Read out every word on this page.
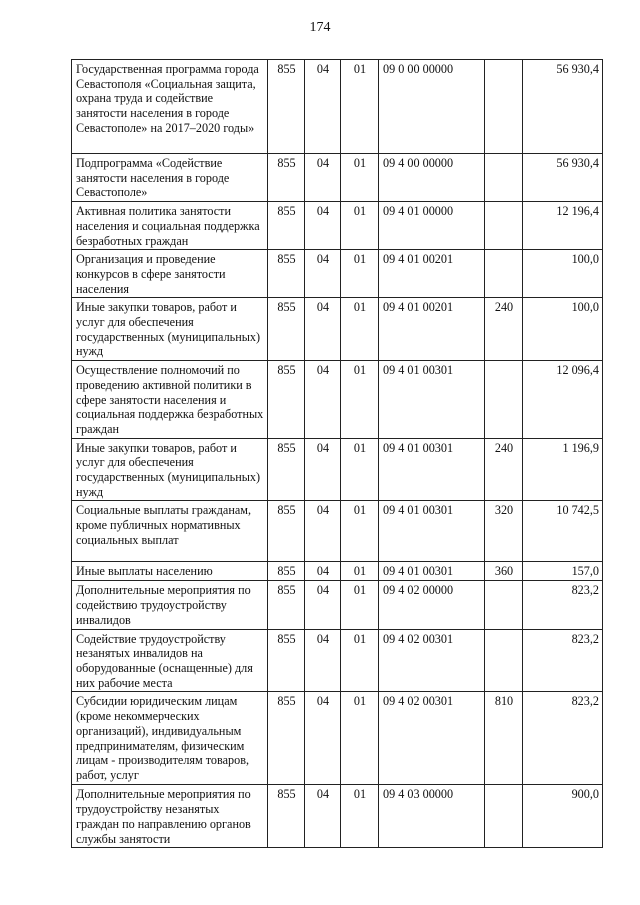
174
Государственная программа города Севастополя «Социальная защита, охрана труда и содействие занятости населения в городе Севастополе» на 2017–2020 годы»	855	04	01	09 0 00 00000		56 930,4
Подпрограмма «Содействие занятости населения в городе Севастополе»	855	04	01	09 4 00 00000		56 930,4
Активная политика занятости населения и социальная поддержка безработных граждан	855	04	01	09 4 01 00000		12 196,4
Организация и проведение конкурсов в сфере занятости населения	855	04	01	09 4 01 00201		100,0
Иные закупки товаров, работ и услуг для обеспечения государственных (муниципальных) нужд	855	04	01	09 4 01 00201	240	100,0
Осуществление полномочий по проведению активной политики в сфере занятости населения и социальная поддержка безработных граждан	855	04	01	09 4 01 00301		12 096,4
Иные закупки товаров, работ и услуг для обеспечения государственных (муниципальных) нужд	855	04	01	09 4 01 00301	240	1 196,9
Социальные выплаты гражданам, кроме публичных нормативных социальных выплат	855	04	01	09 4 01 00301	320	10 742,5
Иные выплаты населению	855	04	01	09 4 01 00301	360	157,0
Дополнительные мероприятия по содействию трудоустройству инвалидов	855	04	01	09 4 02 00000		823,2
Содействие трудоустройству незанятых инвалидов на оборудованные (оснащенные) для них рабочие места	855	04	01	09 4 02 00301		823,2
Субсидии юридическим лицам (кроме некоммерческих организаций), индивидуальным предпринимателям, физическим лицам - производителям товаров, работ, услуг	855	04	01	09 4 02 00301	810	823,2
Дополнительные мероприятия по трудоустройству незанятых граждан по направлению органов службы занятости	855	04	01	09 4 03 00000		900,0
